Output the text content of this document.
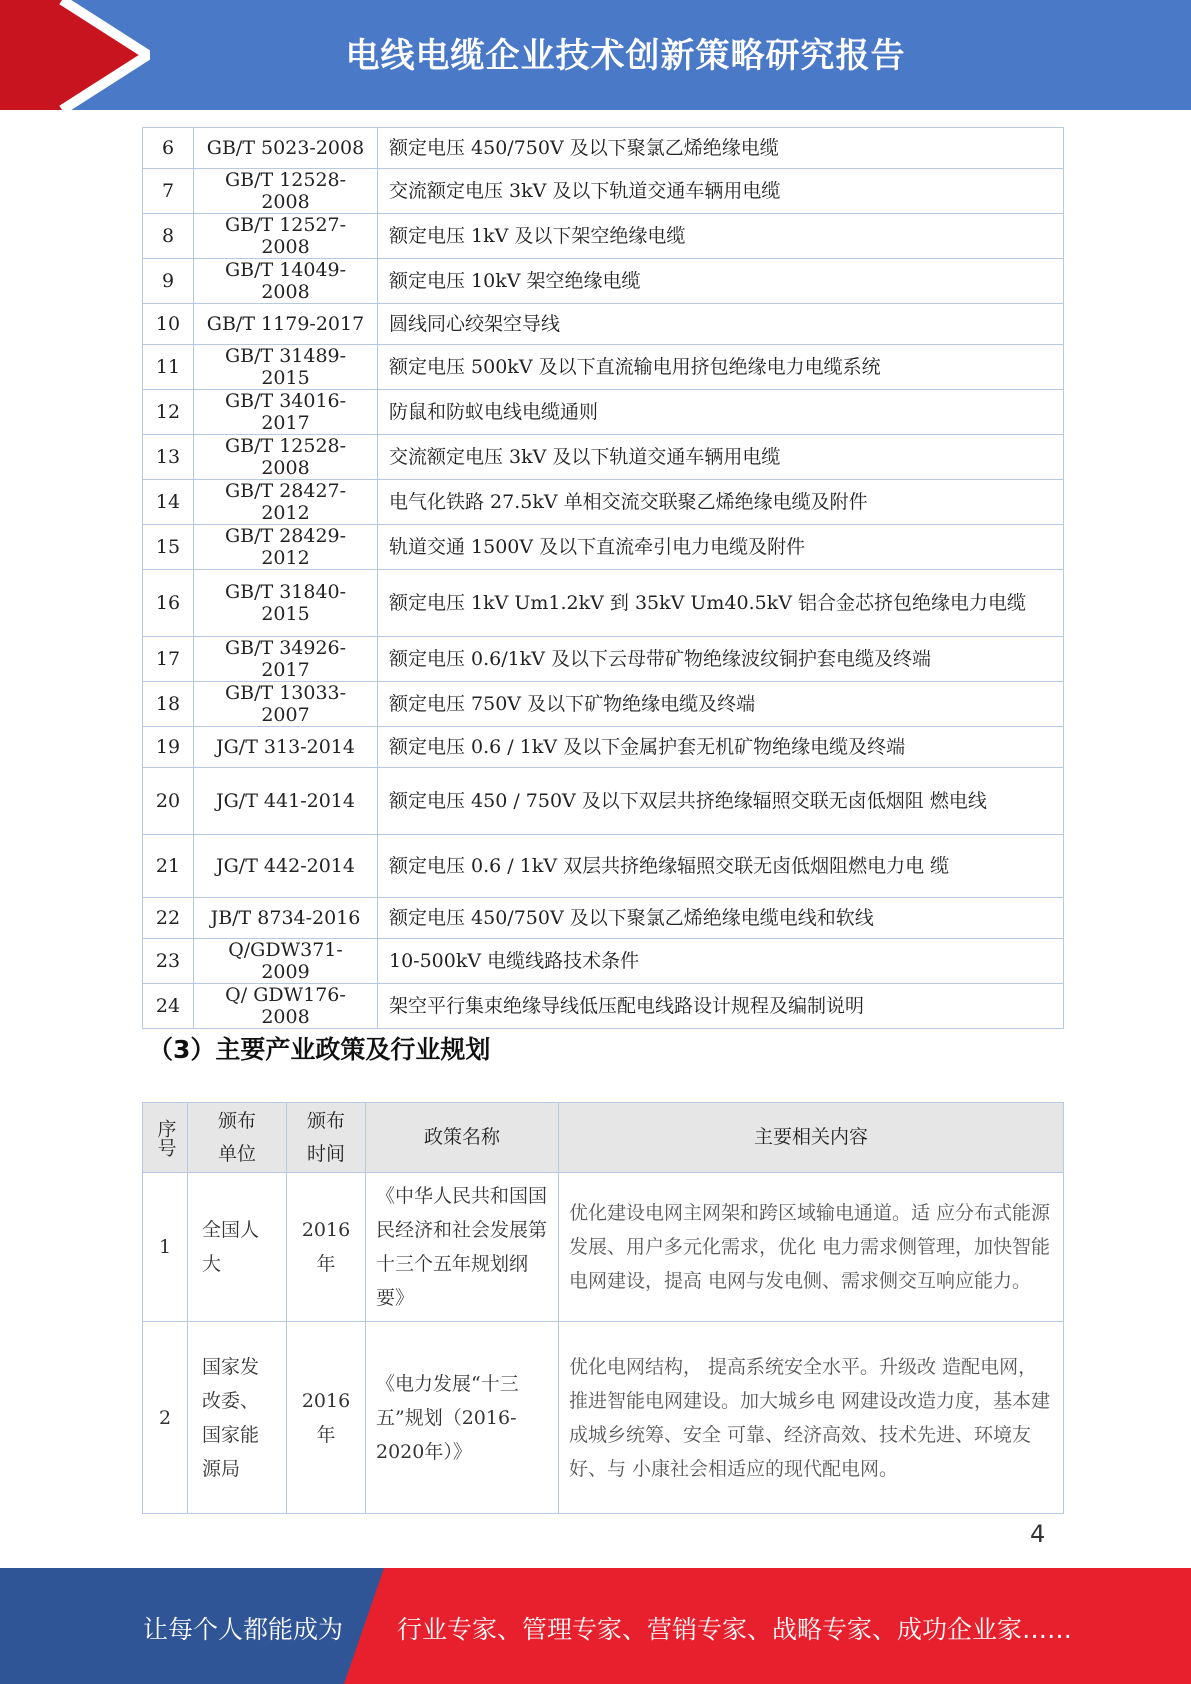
电线电缆企业技术创新策略研究报告
6	GB/T 5023-2008	额定电压 450/750V 及以下聚氯乙烯绝缘电缆
7	GB/T 12528-2008	交流额定电压 3kV 及以下轨道交通车辆用电缆
8	GB/T 12527-2008	额定电压 1kV 及以下架空绝缘电缆
9	GB/T 14049-2008	额定电压 10kV 架空绝缘电缆
10	GB/T 1179-2017	圆线同心绞架空导线
11	GB/T 31489-2015	额定电压 500kV 及以下直流输电用挤包绝缘电力电缆系统
12	GB/T 34016-2017	防鼠和防蚁电线电缆通则
13	GB/T 12528-2008	交流额定电压 3kV 及以下轨道交通车辆用电缆
14	GB/T 28427-2012	电气化铁路 27.5kV 单相交流交联聚乙烯绝缘电缆及附件
15	GB/T 28429-2012	轨道交通 1500V 及以下直流牵引电力电缆及附件
16	GB/T 31840-2015	额定电压 1kV Um1.2kV 到 35kV Um40.5kV 铝合金芯挤包绝缘电力电缆
17	GB/T 34926-2017	额定电压 0.6/1kV 及以下云母带矿物绝缘波纹铜护套电缆及终端
18	GB/T 13033-2007	额定电压 750V 及以下矿物绝缘电缆及终端
19	JG/T 313-2014	额定电压 0.6 / 1kV 及以下金属护套无机矿物绝缘电缆及终端
20	JG/T 441-2014	额定电压 450 / 750V 及以下双层共挤绝缘辐照交联无卤低烟阻 燃电线
21	JG/T 442-2014	额定电压 0.6 / 1kV 双层共挤绝缘辐照交联无卤低烟阻燃电力电 缆
22	JB/T 8734-2016	额定电压 450/750V 及以下聚氯乙烯绝缘电缆电线和软线
23	Q/GDW371-2009	10-500kV 电缆线路技术条件
24	Q/ GDW176-2008	架空平行集束绝缘导线低压配电线路设计规程及编制说明
（3）主要产业政策及行业规划
序号	颁布单位	颁布时间	政策名称	主要相关内容
1	全国人大	2016年	《中华人民共和国国民经济和社会发展第十三个五年规划纲要》	优化建设电网主网架和跨区域输电通道。适 应分布式能源发展、用户多元化需求，优化 电力需求侧管理，加快智能电网建设，提高 电网与发电侧、需求侧交互响应能力。
2	国家发改委、国家能源局	2016年	《电力发展“十三五”规划（2016-2020年）》	优化电网结构， 提高系统安全水平。升级改 造配电网， 推进智能电网建设。加大城乡电 网建设改造力度，基本建成城乡统筹、安全 可靠、经济高效、技术先进、环境友好、与 小康社会相适应的现代配电网。
4
让每个人都能成为 行业专家、管理专家、营销专家、战略专家、成功企业家……
